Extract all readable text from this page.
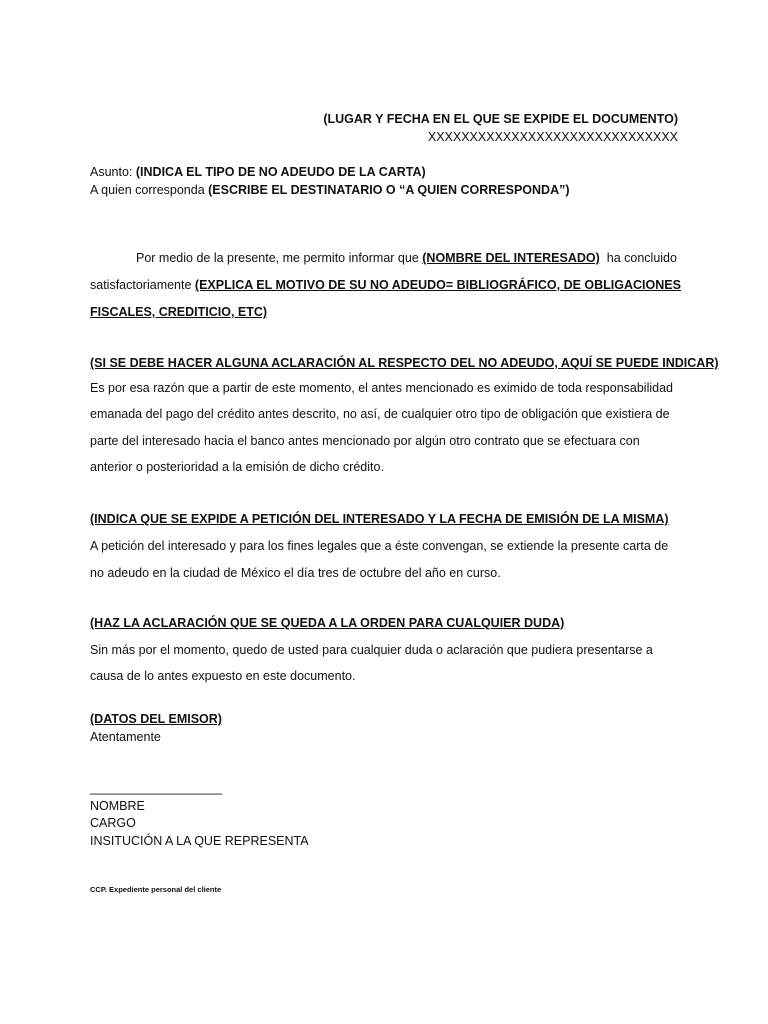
(LUGAR Y FECHA EN EL QUE SE EXPIDE EL DOCUMENTO)
XXXXXXXXXXXXXXXXXXXXXXXXXXXXXX
Asunto: (INDICA EL TIPO DE NO ADEUDO DE LA CARTA)
A quien corresponda (ESCRIBE EL DESTINATARIO O “A QUIEN CORRESPONDA”)
Por medio de la presente, me permito informar que (NOMBRE DEL INTERESADO)  ha concluido
satisfactoriamente (EXPLICA EL MOTIVO DE SU NO ADEUDO= BIBLIOGRÁFICO, DE OBLIGACIONES
FISCALES, CREDITICIO, ETC)
(SI SE DEBE HACER ALGUNA ACLARACIÓN AL RESPECTO DEL NO ADEUDO, AQUÍ SE PUEDE INDICAR)
Es por esa razón que a partir de este momento, el antes mencionado es eximido de toda responsabilidad
emanada del pago del crédito antes descrito, no así, de cualquier otro tipo de obligación que existiera de
parte del interesado hacia el banco antes mencionado por algún otro contrato que se efectuara con
anterior o posterioridad a la emisión de dicho crédito.
(INDICA QUE SE EXPIDE A PETICIÓN DEL INTERESADO Y LA FECHA DE EMISIÓN DE LA MISMA)
A petición del interesado y para los fines legales que a éste convengan, se extiende la presente carta de
no adeudo en la ciudad de México el día tres de octubre del año en curso.
(HAZ LA ACLARACIÓN QUE SE QUEDA A LA ORDEN PARA CUALQUIER DUDA)
Sin más por el momento, quedo de usted para cualquier duda o aclaración que pudiera presentarse a
causa de lo antes expuesto en este documento.
(DATOS DEL EMISOR)
Atentamente
___________________
NOMBRE
CARGO
INSITUCIÓN A LA QUE REPRESENTA
CCP. Expediente personal del cliente
